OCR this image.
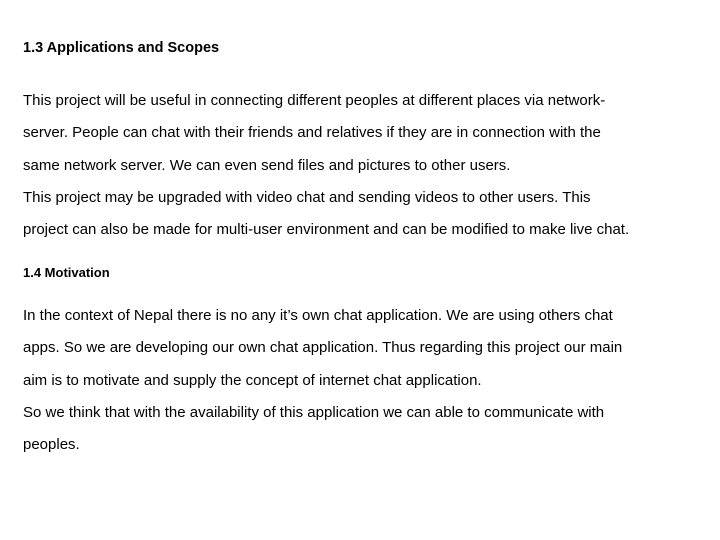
1.3 Applications and Scopes

This project will be useful in connecting different peoples at different places via network-
server. People can chat with their friends and relatives if they are in connection with the
same network server. We can even send files and pictures to other users.

This project may be upgraded with video chat and sending videos to other users. This
project can also be made for multi-user environment and can be modified to make live chat.

1.4 Motivation

In the context of Nepal there is no any it’s own chat application. We are using others chat
apps. So we are developing our own chat application. Thus regarding this project our main
aim is to motivate and supply the concept of internet chat application.

So we think that with the availability of this application we can able to communicate with
peoples.
